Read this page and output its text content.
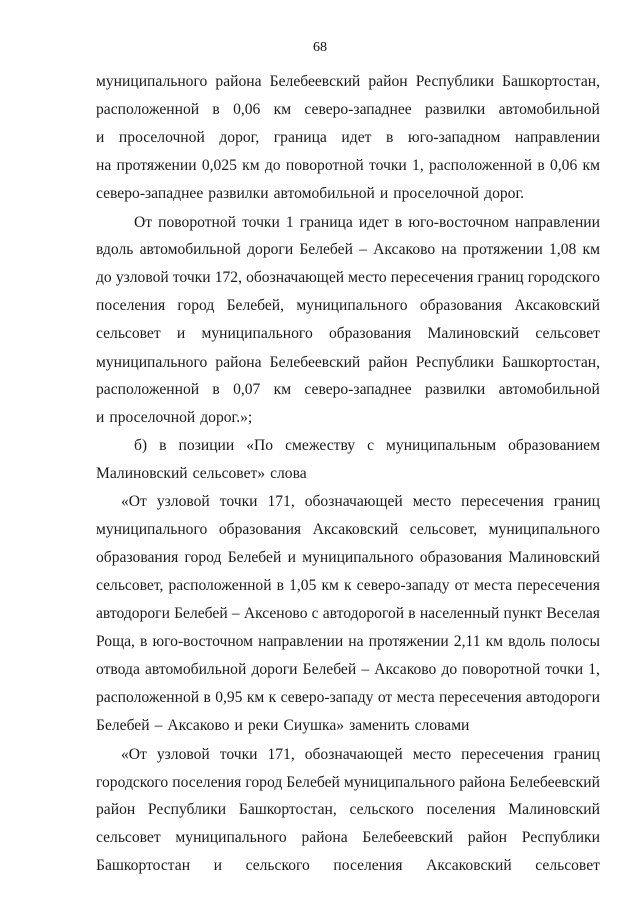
68
муниципального района Белебеевский район Республики Башкортостан,
расположенной в 0,06 км северо-западнее развилки автомобильной
и проселочной дорог, граница идет в юго-западном направлении
на протяжении 0,025 км до поворотной точки 1, расположенной в 0,06 км
северо-западнее развилки автомобильной и проселочной дорог.
От поворотной точки 1 граница идет в юго-восточном направлении
вдоль автомобильной дороги Белебей – Аксаково на протяжении 1,08 км
до узловой точки 172, обозначающей место пересечения границ городского
поселения город Белебей, муниципального образования Аксаковский
сельсовет и муниципального образования Малиновский сельсовет
муниципального района Белебеевский район Республики Башкортостан,
расположенной в 0,07 км северо-западнее развилки автомобильной
и проселочной дорог.»;
б) в позиции «По смежеству с муниципальным образованием
Малиновский сельсовет» слова
«От узловой точки 171, обозначающей место пересечения границ
муниципального образования Аксаковский сельсовет, муниципального
образования город Белебей и муниципального образования Малиновский
сельсовет, расположенной в 1,05 км к северо-западу от места пересечения
автодороги Белебей – Аксеново с автодорогой в населенный пункт Веселая
Роща, в юго-восточном направлении на протяжении 2,11 км вдоль полосы
отвода автомобильной дороги Белебей – Аксаково до поворотной точки 1,
расположенной в 0,95 км к северо-западу от места пересечения автодороги
Белебей – Аксаково и реки Сиушка» заменить словами
«От узловой точки 171, обозначающей место пересечения границ
городского поселения город Белебей муниципального района Белебеевский
район Республики Башкортостан, сельского поселения Малиновский
сельсовет муниципального района Белебеевский район Республики
Башкортостан и сельского поселения Аксаковский сельсовет
